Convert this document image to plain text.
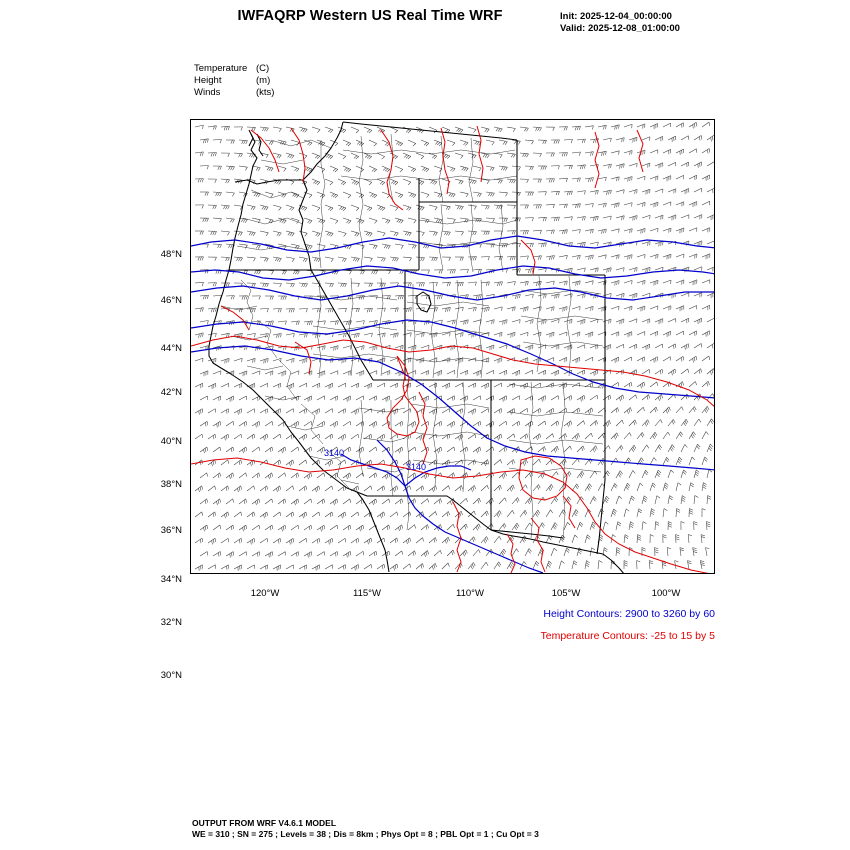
IWFAQRP Western US Real Time WRF	Init: 2025-12-04_00:00:00
Valid: 2025-12-08_01:00:00
Temperature (C)
Height	(m)
Winds	(kts)
3140
3140
48°N
46°N
44°N
42°N
40°N
38°N
36°N
34°N
32°N
30°N
120°W	115°W	110°W	105°W	100°W
Height Contours: 2900 to 3260 by 60
Temperature Contours: -25 to 15 by 5
OUTPUT FROM WRF V4.6.1 MODEL
WE = 310 ; SN = 275 ; Levels = 38 ; Dis = 8km ; Phys Opt = 8 ; PBL Opt = 1 ; Cu Opt = 3
